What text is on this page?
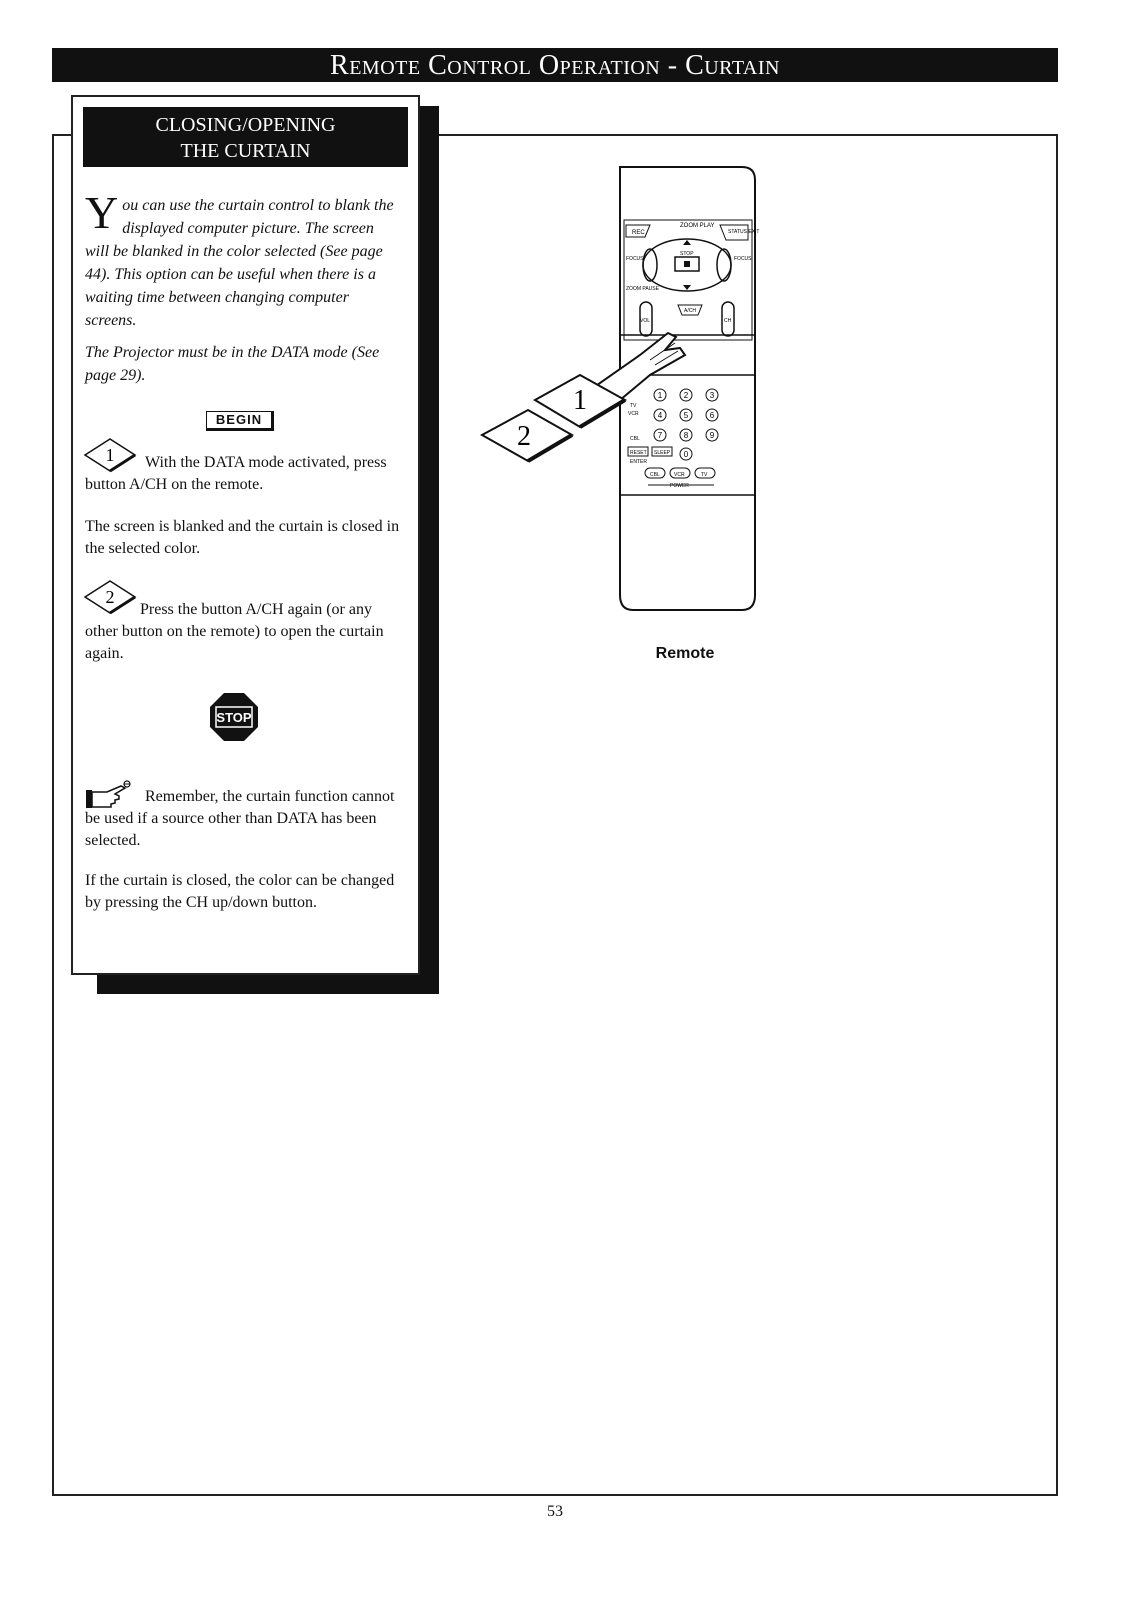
Remote Control Operation - Curtain
CLOSING/OPENING
THE CURTAIN
You can use the curtain control to blank the displayed computer picture. The screen will be blanked in the color selected (See page 44). This option can be useful when there is a waiting time between changing computer screens.
The Projector must be in the DATA mode (See page 29).
BEGIN
1	With the DATA mode activated, press button A/CH on the remote.
The screen is blanked and the curtain is closed in the selected color.
2
Press the button A/CH again (or any other button on the remote) to open the curtain again.
STOP
Remember, the curtain function cannot be used if a source other than DATA has been selected.
If the curtain is closed, the color can be changed by pressing the CH up/down button.
REC
ZOOM PLAY
STATUS EXIT
STOP
FOCUS	FOCUS
ZOOM PAUSE
VOL	CH
A/CH
1	2	3
4	5	6
7	8	9
0
VCR
TV
CBL
RESET SLEEP
ENTER
CBL	VCR	TV
POWER
1
2
Remote
53
